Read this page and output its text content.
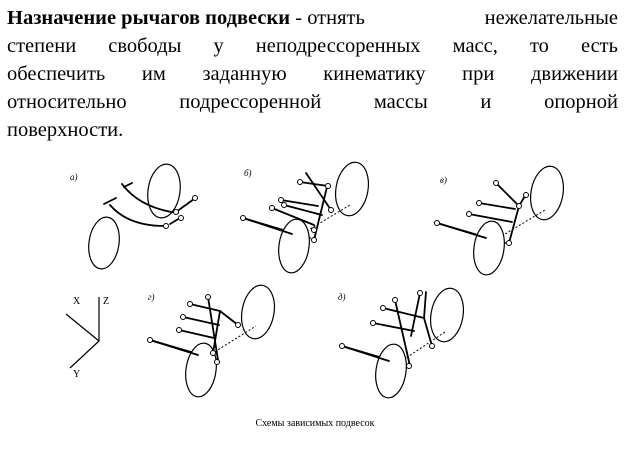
Назначение рычагов подвески - отнять	нежелательные
степени свободы у неподрессоренных масс, то есть
обеспечить им заданную кинематику при движении
относительно	подрессоренной	массы	и	опорной
поверхности.
а)	б)
в)
X Z
Y
г)	д)
Схемы зависимых подвесок
